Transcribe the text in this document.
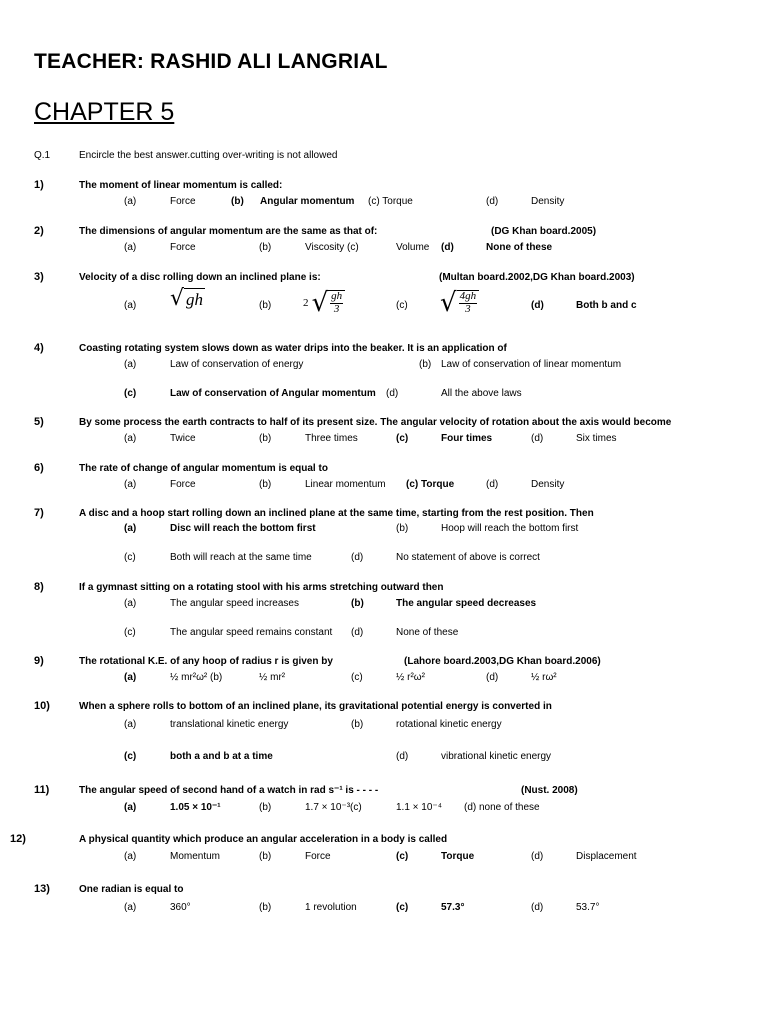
TEACHER: RASHID ALI LANGRIAL
CHAPTER 5
Q.1	Encircle the best answer.cutting over-writing is not allowed
1)	The moment of linear momentum is called:
(a)	Force	(b) Angular momentum (c) Torque	(d)	Density
2)	The dimensions of angular momentum are the same as that of:	(DG Khan board.2005)
(a)	Force	(b)	Viscosity (c)	Volume (d)	None of these
3)	Velocity of a disc rolling down an inclined plane is:	(Multan board.2002,DG Khan board.2003)
(a) √ gh	(b)	2 √ $\frac{gh}{3}$	(c) √ $\frac{4gh}{3}$	(d)	Both b and c
4)	Coasting rotating system slows down as water drips into the beaker. It is an application of
(a)	Law of conservation of energy	(b) Law of conservation of linear momentum
(c)	Law of conservation of Angular momentum (d)	All the above laws
5)	By some process the earth contracts to half of its present size. The angular velocity of rotation about the axis would become
(a)	Twice	(b)	Three times	(c)	Four times	(d)	Six times
6)	The rate of change of angular momentum is equal to
(a)	Force	(b)	Linear momentum (c) Torque	(d)	Density
7)	A disc and a hoop start rolling down an inclined plane at the same time, starting from the rest position. Then
(a)	Disc will reach the bottom first	(b)	Hoop will reach the bottom first
(c)	Both will reach at the same time	(d)	No statement of above is correct
8)	If a gymnast sitting on a rotating stool with his arms stretching outward then
(a)	The angular speed increases	(b)	The angular speed decreases
(c)	The angular speed remains constant (d)	None of these
9)	The rotational K.E. of any hoop of radius r is given by	(Lahore board.2003,DG Khan board.2006)
(a)	½ mr²ω² (b)	½ mr²	(c)	½ r²ω²	(d)	½ rω²
10)	When a sphere rolls to bottom of an inclined plane, its gravitational potential energy is converted in
(a)	translational kinetic energy	(b)	rotational kinetic energy
(c)	both a and b at a time	(d)	vibrational kinetic energy
11)	The angular speed of second hand of a watch in rad s⁻¹ is - - - -	(Nust. 2008)
(a)	1.05 × 10⁻¹	(b)	1.7 × 10⁻³(c)	1.1 × 10⁻⁴ (d) none of these
12)	A physical quantity which produce an angular acceleration in a body is called
(a)	Momentum	(b)	Force	(c)	Torque	(d)	Displacement
13)	One radian is equal to
(a)	360°	(b)	1 revolution	(c)	57.3°	(d)	53.7°
